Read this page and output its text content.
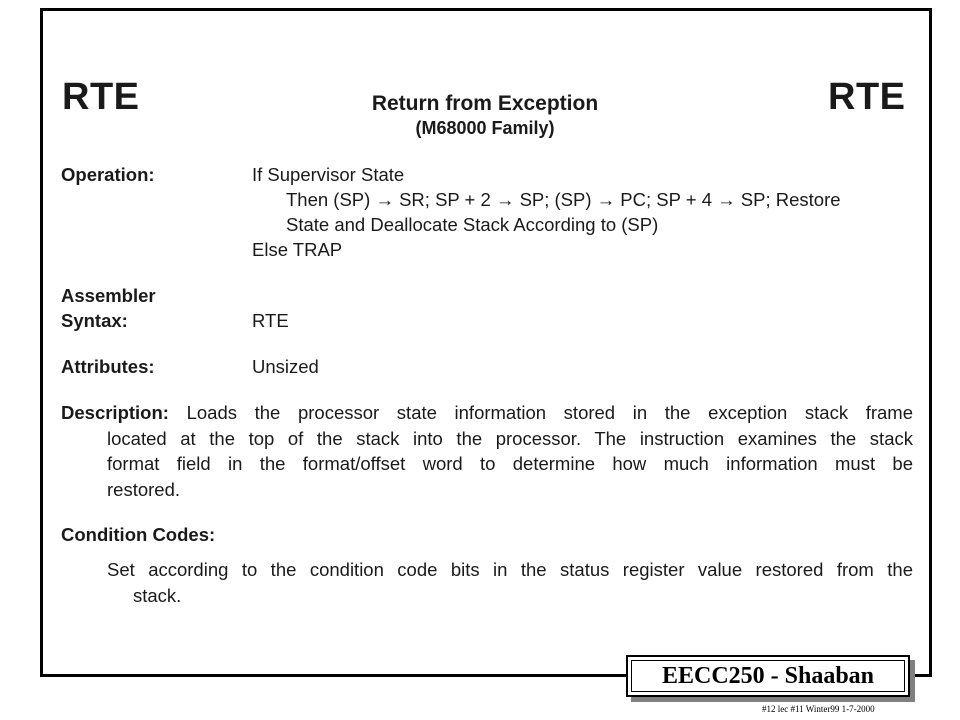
RTE	RTE
Return from Exception
(M68000 Family)
Operation:	If Supervisor State
Then (SP) → SR; SP + 2 → SP; (SP) → PC; SP + 4 → SP; Restore
State and Deallocate Stack According to (SP)
Else TRAP
Assembler
Syntax:	RTE
Attributes:	Unsized
Description: Loads the processor state information stored in the exception stack frame
located at the top of the stack into the processor. The instruction examines the stack
format field in the format/offset word to determine how much information must be
restored.
Condition Codes:
Set according to the condition code bits in the status register value restored from the
stack.
EECC250 - Shaaban
#12 lec #11 Winter99 1-7-2000
